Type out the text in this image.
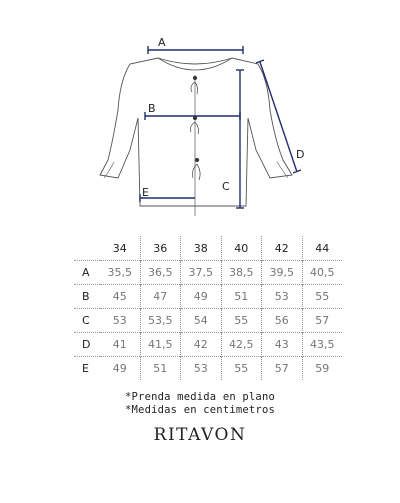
A
B
C
D
E
	34	36	38	40	42	44
A	35,5	36,5	37,5	38,5	39,5	40,5
B	45	47	49	51	53	55
C	53	53,5	54	55	56	57
D	41	41,5	42	42,5	43	43,5
E	49	51	53	55	57	59
*Prenda medida en plano
*Medidas en centimetros
RITAVON
